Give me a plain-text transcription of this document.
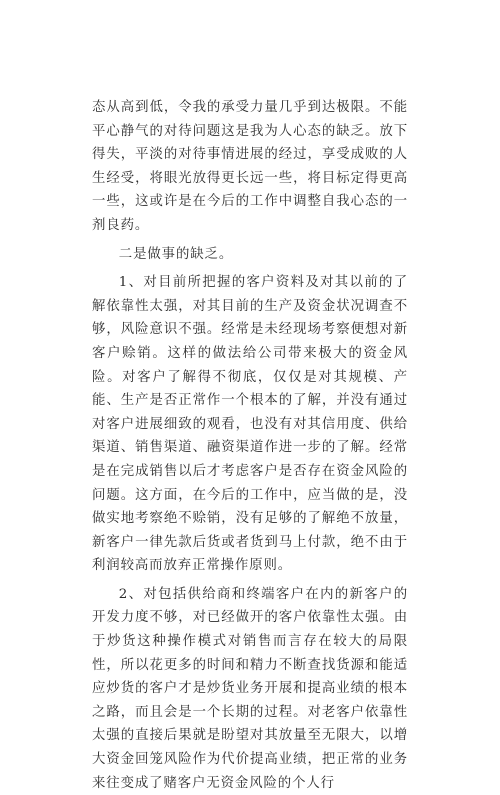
态从高到低，令我的承受力量几乎到达极限。不能平心静气的对待问题这是我为人心态的缺乏。放下得失，平淡的对待事情进展的经过，享受成败的人生经受，将眼光放得更长远一些，将目标定得更高一些，这或许是在今后的工作中调整自我心态的一剂良药。

二是做事的缺乏。

1、对目前所把握的客户资料及对其以前的了解依靠性太强，对其目前的生产及资金状况调查不够，风险意识不强。经常是未经现场考察便想对新客户赊销。这样的做法给公司带来极大的资金风险。对客户了解得不彻底，仅仅是对其规模、产能、生产是否正常作一个根本的了解，并没有通过对客户进展细致的观看，也没有对其信用度、供给渠道、销售渠道、融资渠道作进一步的了解。经常是在完成销售以后才考虑客户是否存在资金风险的问题。这方面，在今后的工作中，应当做的是，没做实地考察绝不赊销，没有足够的了解绝不放量，新客户一律先款后货或者货到马上付款，绝不由于利润较高而放弃正常操作原则。

2、对包括供给商和终端客户在内的新客户的开发力度不够，对已经做开的客户依靠性太强。由于炒货这种操作模式对销售而言存在较大的局限性，所以花更多的时间和精力不断查找货源和能适应炒货的客户才是炒货业务开展和提高业绩的根本之路，而且会是一个长期的过程。对老客户依靠性太强的直接后果就是盼望对其放量至无限大，以增大资金回笼风险作为代价提高业绩，把正常的业务来往变成了赌客户无资金风险的个人行
